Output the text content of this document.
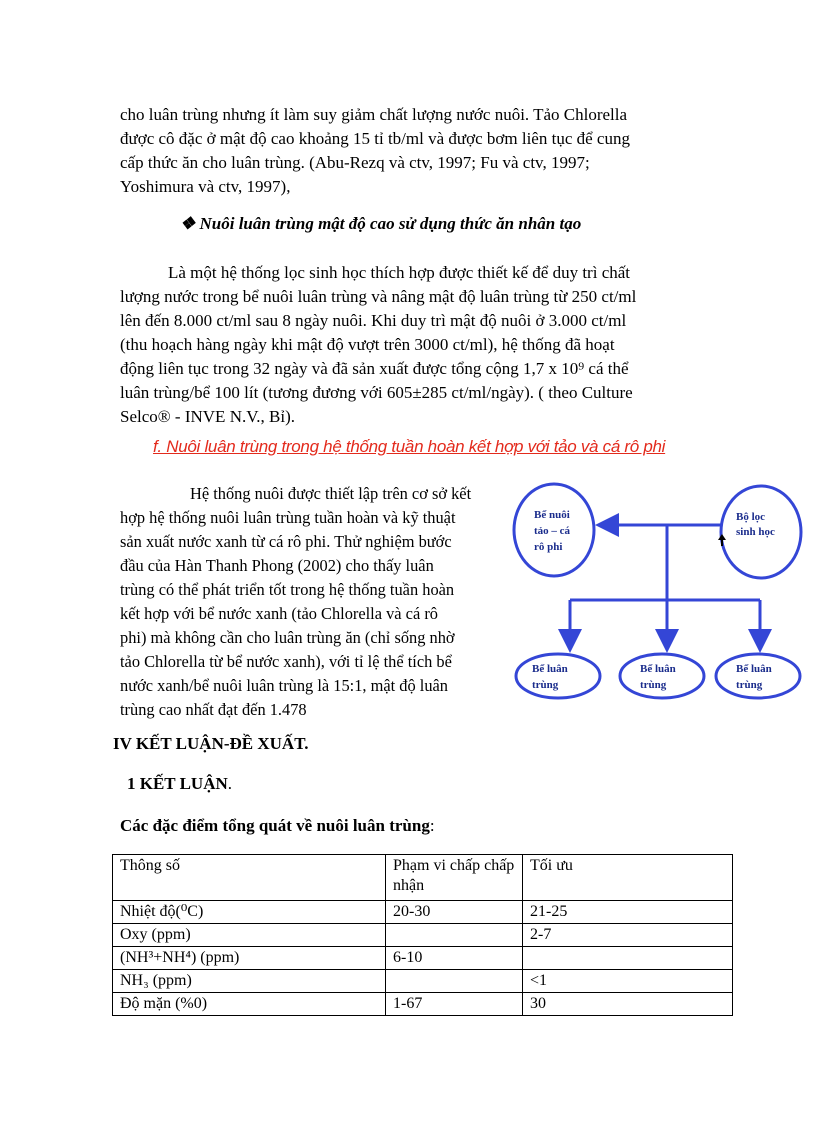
cho luân trùng nhưng ít làm suy giảm chất lượng nước nuôi. Tảo Chlorella
được cô đặc ở mật độ cao khoảng 15 tỉ tb/ml và được bơm liên tục để cung
cấp thức ăn cho luân trùng. (Abu-Rezq và ctv, 1997; Fu và ctv, 1997;
Yoshimura và ctv, 1997),
❖ Nuôi luân trùng mật độ cao sử dụng thức ăn nhân tạo
Là một hệ thống lọc sinh học thích hợp được thiết kế để duy trì chất
lượng nước trong bể nuôi luân trùng và nâng mật độ luân trùng từ 250 ct/ml
lên đến 8.000 ct/ml sau 8 ngày nuôi. Khi duy trì mật độ nuôi ở 3.000 ct/ml
(thu hoạch hàng ngày khi mật độ vượt trên 3000 ct/ml), hệ thống đã hoạt
động liên tục trong 32 ngày và đã sản xuất được tổng cộng 1,7 x 10⁹ cá thể
luân trùng/bể 100 lít (tương đương với 605±285 ct/ml/ngày). ( theo Culture
Selco® - INVE N.V., Bỉ).
f. Nuôi luân trùng trong hệ thống tuần hoàn kết hợp với tảo và cá rô phi
Hệ thống nuôi được thiết lập trên cơ sở kết
hợp hệ thống nuôi luân trùng tuần hoàn và kỹ thuật
sản xuất nước xanh từ cá rô phi. Thử nghiệm bước
đầu của Hàn Thanh Phong (2002) cho thấy luân
trùng có thể phát triển tốt trong hệ thống tuần hoàn
kết hợp với bể nước xanh (tảo Chlorella và cá rô
phi) mà không cần cho luân trùng ăn (chỉ sống nhờ
tảo Chlorella từ bể nước xanh), với tỉ lệ thể tích bể
nước xanh/bể nuôi luân trùng là 15:1, mật độ luân
trùng cao nhất đạt đến 1.478
Bể nuôi
tảo – cá
rô phi
Bộ lọc
sinh học
Bể luân
trùng
Bể luân
trùng
Bể luân
trùng
IV KẾT LUẬN-ĐỀ XUẤT.
1 KẾT LUẬN.
Các đặc điểm tổng quát về nuôi luân trùng:
Thông số	Phạm vi chấp chấp nhận	Tối ưu
Nhiệt độ(⁰C)	20-30	21-25
Oxy (ppm)		2-7
(NH³+NH⁴) (ppm)	6-10	
NH₃ (ppm)		<1
Độ mặn (%0)	1-67	30
